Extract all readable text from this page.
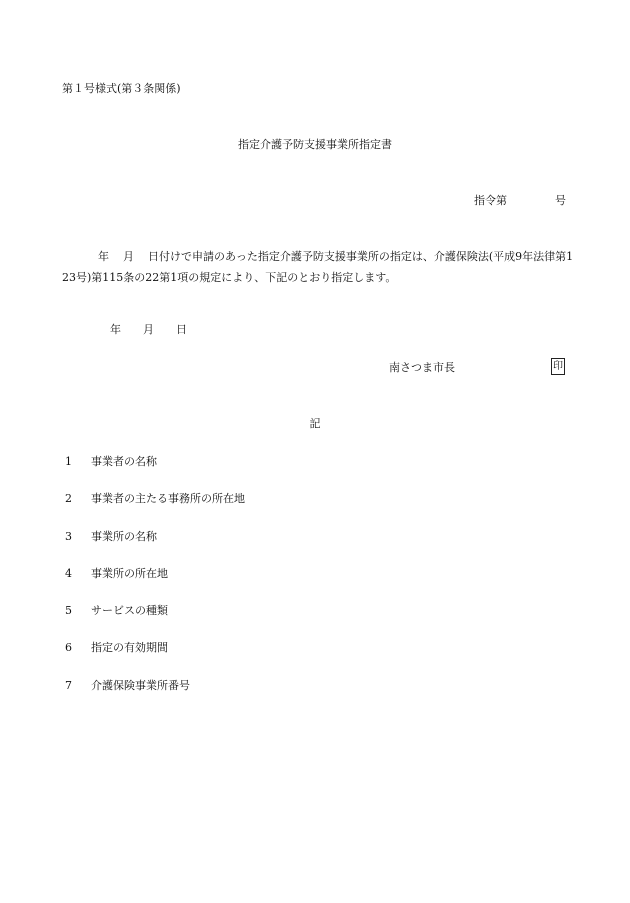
第１号様式(第３条関係)
指定介護予防支援事業所指定書
指令第	号
年 月 日付けで申請のあった指定介護予防支援事業所の指定は、介護保険法(平成9年法律第123号)第115条の22第1項の規定により、下記のとおり指定します。
年 月 日
南さつま市長	印
記
1 事業者の名称
2 事業者の主たる事務所の所在地
3 事業所の名称
4 事業所の所在地
5 サービスの種類
6 指定の有効期間
7 介護保険事業所番号
